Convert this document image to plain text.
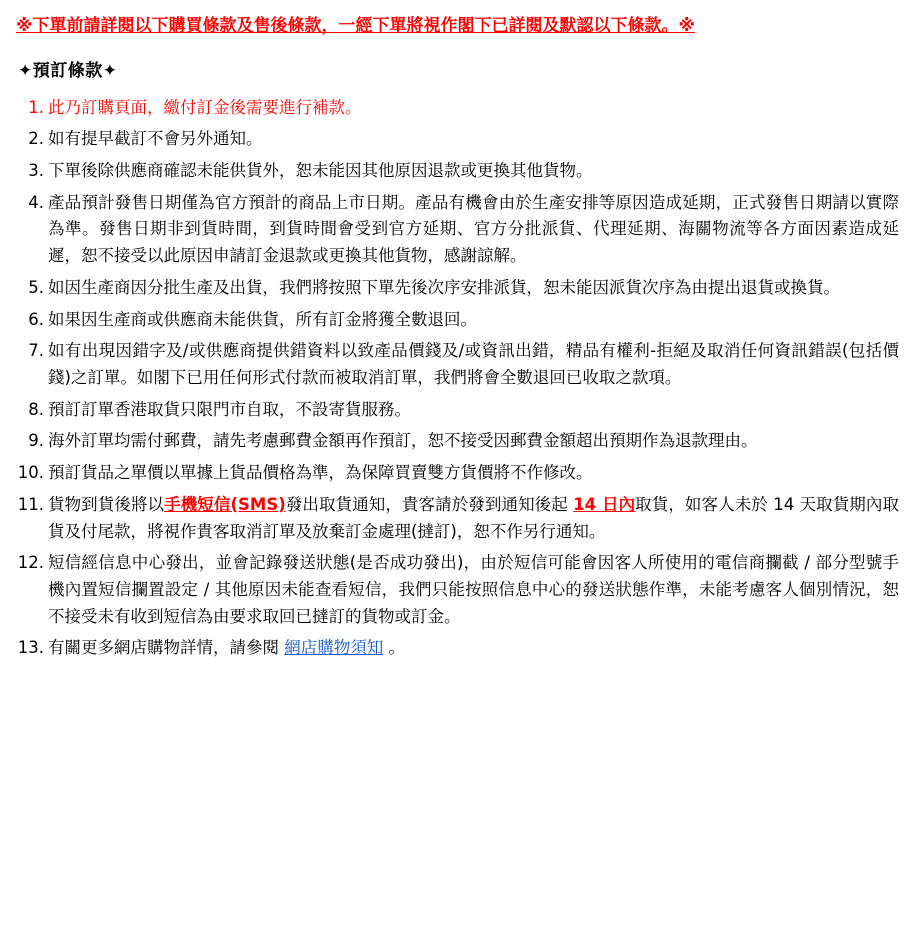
※下單前請詳閱以下購買條款及售後條款，一經下單將視作閣下已詳閱及默認以下條款。※
✦預訂條款✦
此乃訂購頁面，繳付訂金後需要進行補款。
如有提早截訂不會另外通知。
下單後除供應商確認未能供貨外，恕未能因其他原因退款或更換其他貨物。
產品預計發售日期僅為官方預計的商品上市日期。產品有機會由於生產安排等原因造成延期，正式發售日期請以實際為準。發售日期非到貨時間，到貨時間會受到官方延期、官方分批派貨、代理延期、海關物流等各方面因素造成延遲，恕不接受以此原因申請訂金退款或更換其他貨物，感謝諒解。
如因生產商因分批生產及出貨，我們將按照下單先後次序安排派貨，恕未能因派貨次序為由提出退貨或換貨。
如果因生產商或供應商未能供貨，所有訂金將獲全數退回。
如有出現因錯字及/或供應商提供錯資料以致產品價錢及/或資訊出錯，精品有權利-拒絕及取消任何資訊錯誤(包括價錢)之訂單。如閣下已用任何形式付款而被取消訂單，我們將會全數退回已收取之款項。
預訂訂單香港取貨只限門市自取，不設寄貨服務。
海外訂單均需付郵費，請先考慮郵費金額再作預訂，恕不接受因郵費金額超出預期作為退款理由。
預訂貨品之單價以單據上貨品價格為準，為保障買賣雙方貨價將不作修改。
貨物到貨後將以手機短信(SMS)發出取貨通知，貴客請於發到通知後起 14 日內取貨，如客人未於 14 天取貨期內取貨及付尾款，將視作貴客取消訂單及放棄訂金處理(撻訂)，恕不作另行通知。
短信經信息中心發出，並會記錄發送狀態(是否成功發出)，由於短信可能會因客人所使用的電信商攔截 / 部分型號手機內置短信攔置設定 / 其他原因未能查看短信，我們只能按照信息中心的發送狀態作準，未能考慮客人個別情況，恕不接受未有收到短信為由要求取回已撻訂的貨物或訂金。
有關更多網店購物詳情，請參閱 網店購物須知 。
